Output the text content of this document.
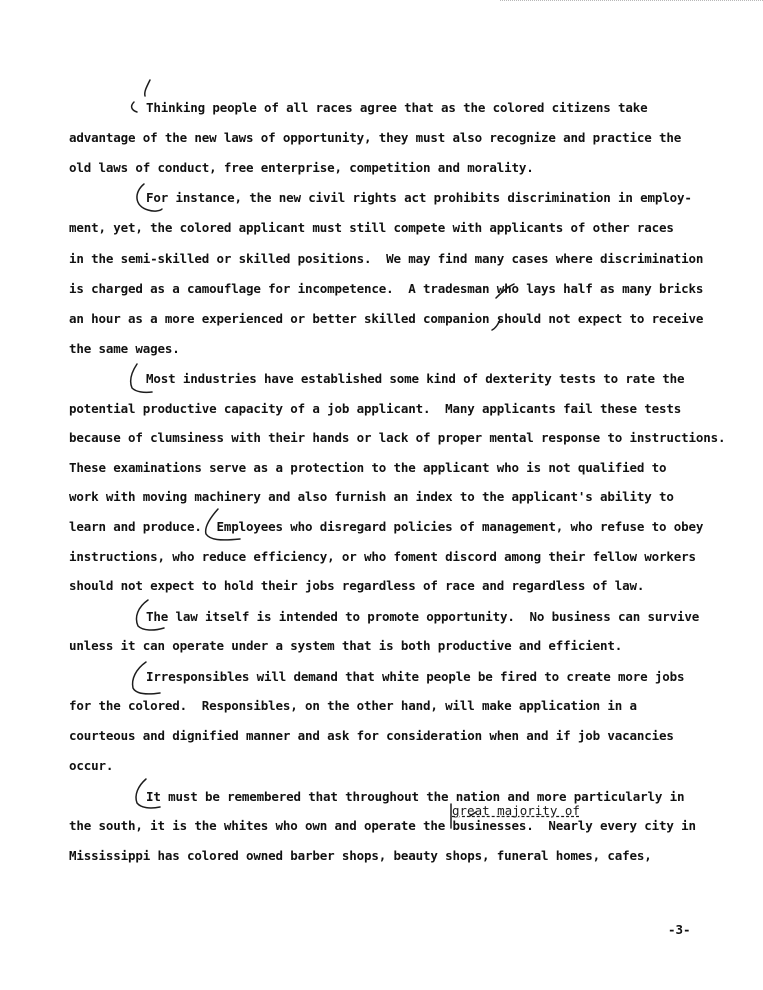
Thinking people of all races agree that as the colored citizens take
advantage of the new laws of opportunity, they must also recognize and practice the
old laws of conduct, free enterprise, competition and morality.
For instance, the new civil rights act prohibits discrimination in employ-
ment, yet, the colored applicant must still compete with applicants of other races
in the semi-skilled or skilled positions.  We may find many cases where discrimination
is charged as a camouflage for incompetence.  A tradesman who lays half as many bricks
an hour as a more experienced or better skilled companion should not expect to receive
the same wages.
Most industries have established some kind of dexterity tests to rate the
potential productive capacity of a job applicant.  Many applicants fail these tests
because of clumsiness with their hands or lack of proper mental response to instructions.
These examinations serve as a protection to the applicant who is not qualified to
work with moving machinery and also furnish an index to the applicant's ability to
learn and produce.  Employees who disregard policies of management, who refuse to obey
instructions, who reduce efficiency, or who foment discord among their fellow workers
should not expect to hold their jobs regardless of race and regardless of law.
The law itself is intended to promote opportunity.  No business can survive
unless it can operate under a system that is both productive and efficient.
Irresponsibles will demand that white people be fired to create more jobs
for the colored.  Responsibles, on the other hand, will make application in a
courteous and dignified manner and ask for consideration when and if job vacancies
occur.
It must be remembered that throughout the nation and more particularly in
the south, it is the whites who own and operate the businesses.  Nearly every city in
Mississippi has colored owned barber shops, beauty shops, funeral homes, cafes,
great majority of
-3-
